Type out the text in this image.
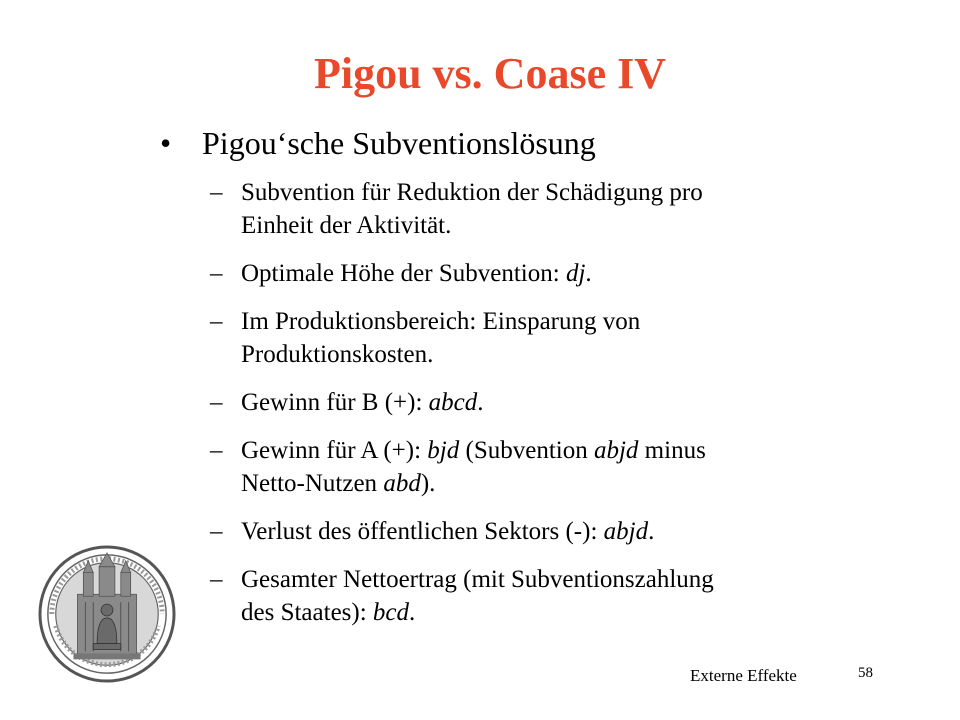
Pigou vs. Coase IV
• Pigou‘sche Subventionslösung
– Subvention für Reduktion der Schädigung pro
Einheit der Aktivität.
– Optimale Höhe der Subvention: dj.
– Im Produktionsbereich: Einsparung von
Produktionskosten.
– Gewinn für B (+): abcd.
– Gewinn für A (+): bjd (Subvention abjd minus
Netto-Nutzen abd).
– Verlust des öffentlichen Sektors (-): abjd.
– Gesamter Nettoertrag (mit Subventionszahlung
des Staates): bcd.
Externe Effekte	58
